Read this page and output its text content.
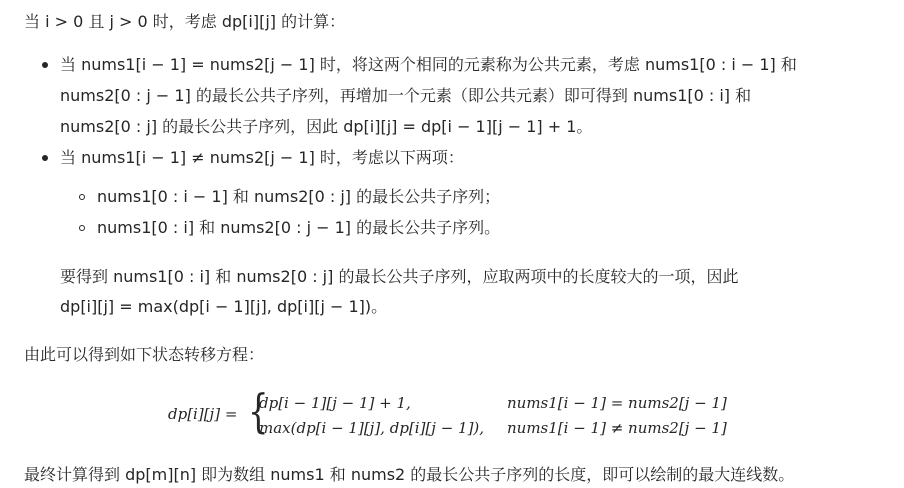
当 i > 0 且 j > 0 时，考虑 dp[i][j] 的计算：
当 nums1[i − 1] = nums2[j − 1] 时，将这两个相同的元素称为公共元素，考虑 nums1[0 : i − 1] 和
nums2[0 : j − 1] 的最长公共子序列，再增加一个元素（即公共元素）即可得到 nums1[0 : i] 和
nums2[0 : j] 的最长公共子序列，因此 dp[i][j] = dp[i − 1][j − 1] + 1。
当 nums1[i − 1] ≠ nums2[j − 1] 时，考虑以下两项：
nums1[0 : i − 1] 和 nums2[0 : j] 的最长公共子序列；
nums1[0 : i] 和 nums2[0 : j − 1] 的最长公共子序列。
要得到 nums1[0 : i] 和 nums2[0 : j] 的最长公共子序列，应取两项中的长度较大的一项，因此
dp[i][j] = max(dp[i − 1][j], dp[i][j − 1])。
由此可以得到如下状态转移方程：
dp[i][j] = {
dp[i − 1][j − 1] + 1,	nums1[i − 1] = nums2[j − 1]
max(dp[i − 1][j], dp[i][j − 1]), nums1[i − 1] ≠ nums2[j − 1]
最终计算得到 dp[m][n] 即为数组 nums1 和 nums2 的最长公共子序列的长度，即可以绘制的最大连线数。
